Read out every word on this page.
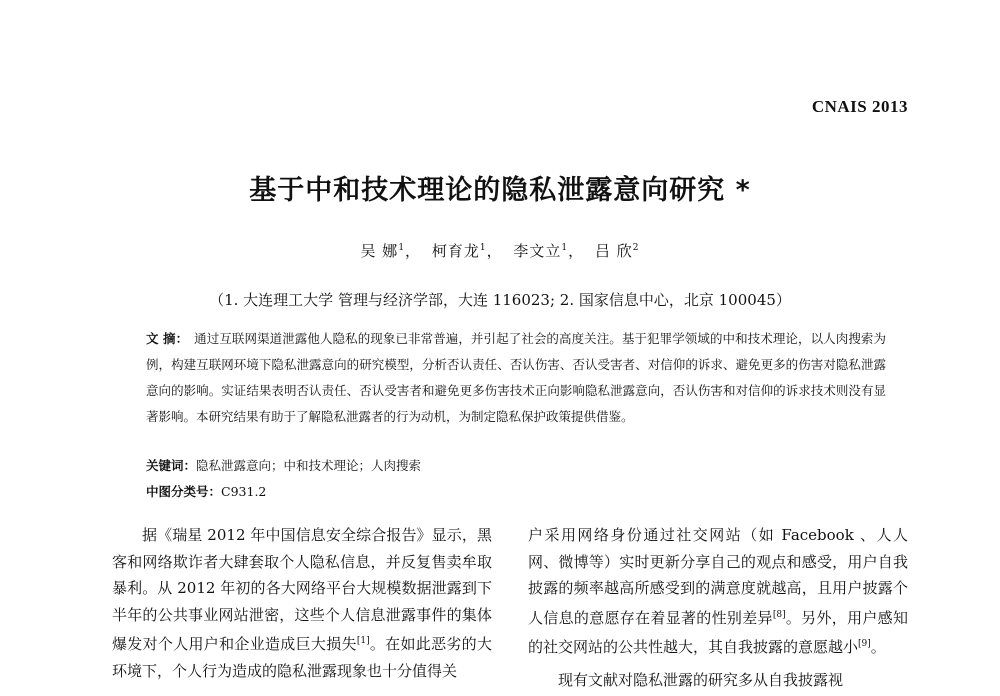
CNAIS 2013
基于中和技术理论的隐私泄露意向研究 *
吴 娜$^1$， 柯育龙$^1$， 李文立$^1$， 吕 欣$^2$
（1. 大连理工大学 管理与经济学部，大连 116023; 2. 国家信息中心，北京 100045）
文 摘： 通过互联网渠道泄露他人隐私的现象已非常普遍，并引起了社会的高度关注。基于犯罪学领域的中和技术理论，以人肉搜索为例，构建互联网环境下隐私泄露意向的研究模型，分析否认责任、否认伤害、否认受害者、对信仰的诉求、避免更多的伤害对隐私泄露意向的影响。实证结果表明否认责任、否认受害者和避免更多伤害技术正向影响隐私泄露意向，否认伤害和对信仰的诉求技术则没有显著影响。本研究结果有助于了解隐私泄露者的行为动机，为制定隐私保护政策提供借鉴。
关键词：隐私泄露意向；中和技术理论；人肉搜索
中图分类号：C931.2

据《瑞星 2012 年中国信息安全综合报告》显示，黑客和网络欺诈者大肆套取个人隐私信息，并反复售卖牟取暴利。从 2012 年初的各大网络平台大规模数据泄露到下半年的公共事业网站泄密，这些个人信息泄露事件的集体爆发对个人用户和企业造成巨大损失[1]。在如此恶劣的大环境下，个人行为造成的隐私泄露现象也十分值得关

户采用网络身份通过社交网站（如 Facebook 、人人网、微博等）实时更新分享自己的观点和感受，用户自我披露的频率越高所感受到的满意度就越高，且用户披露个人信息的意愿存在着显著的性别差异[8]。另外，用户感知的社交网站的公共性越大，其自我披露的意愿越小[9]。

现有文献对隐私泄露的研究多从自我披露视
